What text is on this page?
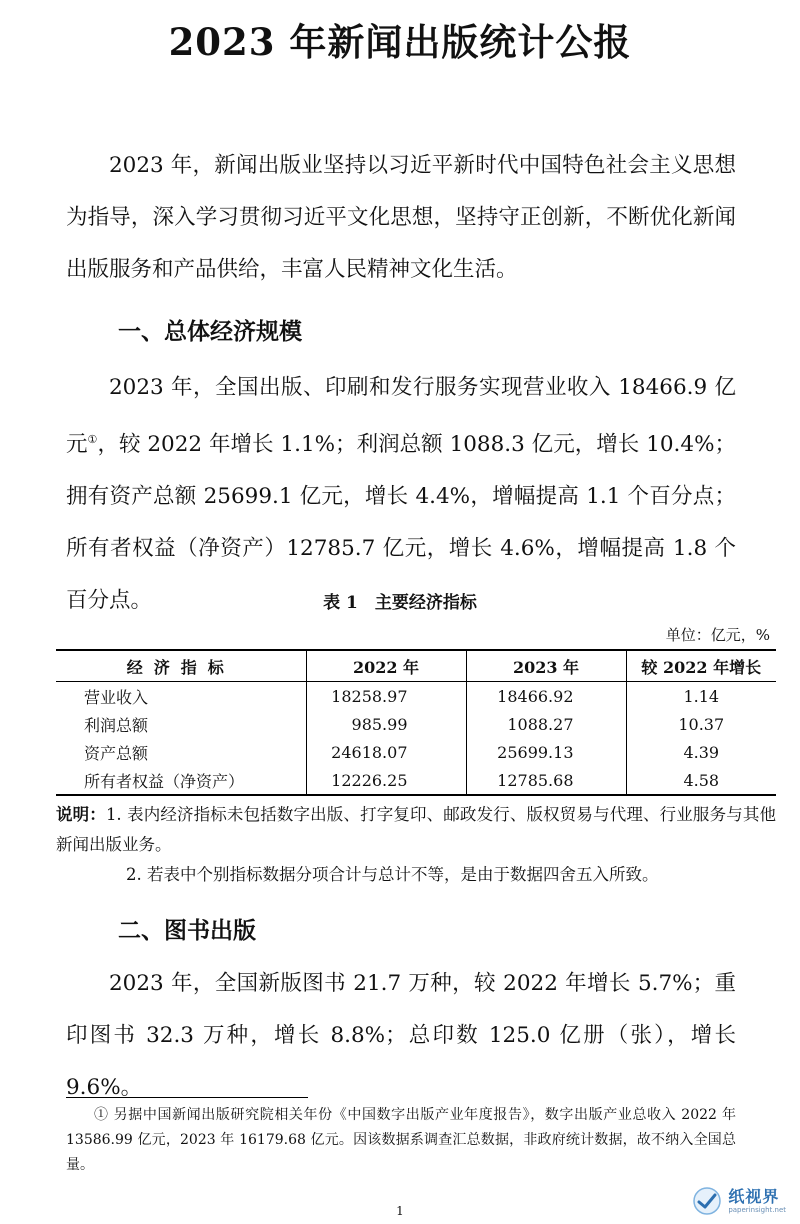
2023 年新闻出版统计公报

2023 年，新闻出版业坚持以习近平新时代中国特色社会主义思想为指导，深入学习贯彻习近平文化思想，坚持守正创新，不断优化新闻出版服务和产品供给，丰富人民精神文化生活。

一、总体经济规模

2023 年，全国出版、印刷和发行服务实现营业收入 18466.9 亿元①，较 2022 年增长 1.1%；利润总额 1088.3 亿元，增长 10.4%；拥有资产总额 25699.1 亿元，增长 4.4%，增幅提高 1.1 个百分点；所有者权益（净资产）12785.7 亿元，增长 4.6%，增幅提高 1.8 个百分点。	表 1　主要经济指标
单位：亿元，%
经济指标	2022 年	2023 年	较 2022 年增长
营业收入	18258.97	18466.92	1.14
利润总额	985.99	1088.27	10.37
资产总额	24618.07	25699.13	4.39
所有者权益（净资产）	12226.25	12785.68	4.58
说明：1. 表内经济指标未包括数字出版、打字复印、邮政发行、版权贸易与代理、行业服务与其他新闻出版业务。
2. 若表中个别指标数据分项合计与总计不等，是由于数据四舍五入所致。
二、图书出版

2023 年，全国新版图书 21.7 万种，较 2022 年增长 5.7%；重印图书 32.3 万种，增长 8.8%；总印数 125.0 亿册（张），增长 9.6%。

① 另据中国新闻出版研究院相关年份《中国数字出版产业年度报告》，数字出版产业总收入 2022 年 13586.99 亿元，2023 年 16179.68 亿元。因该数据系调查汇总数据，非政府统计数据，故不纳入全国总量。

1
纸视界
paperinsight.net
